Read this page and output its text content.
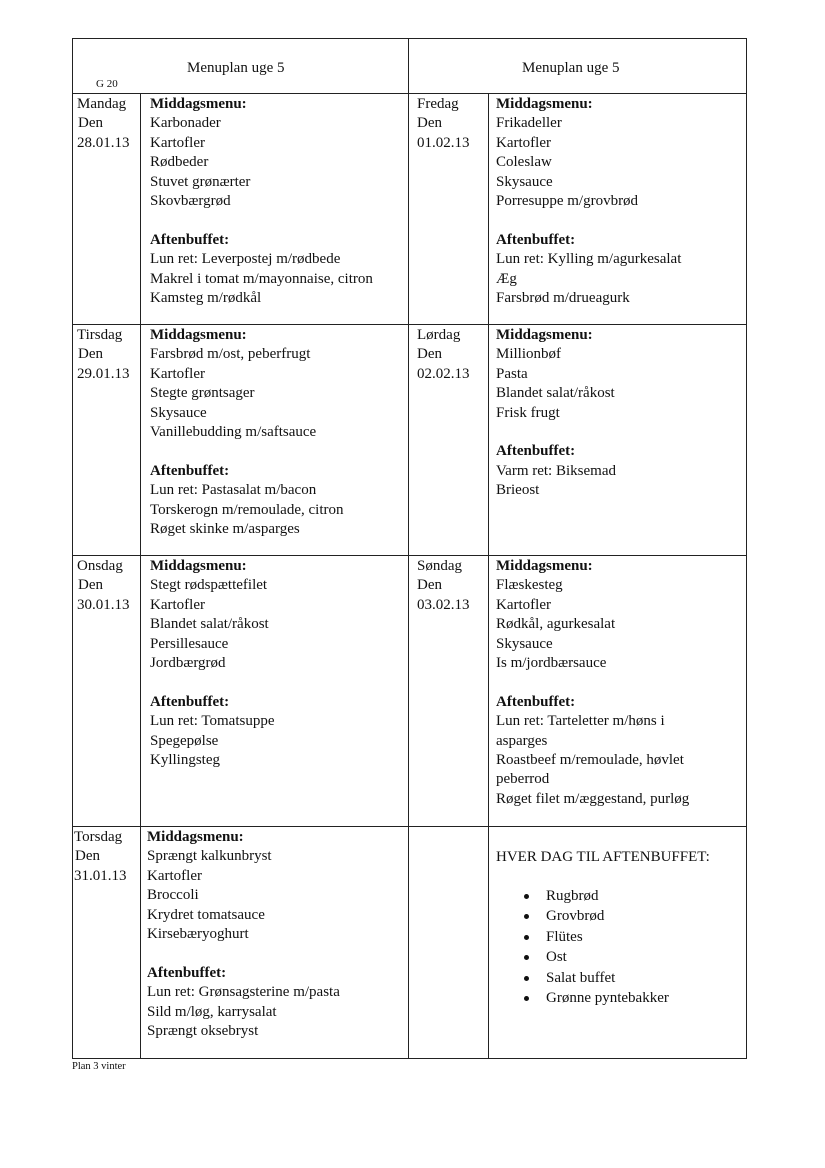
Menuplan uge 5	Menuplan uge 5
G 20
Mandag
Den
28.01.13
Middagsmenu:
Karbonader
Kartofler
Rødbeder
Stuvet grønærter
Skovbærgrød
Aftenbuffet:
Lun ret: Leverpostej m/rødbede
Makrel i tomat m/mayonnaise, citron
Kamsteg m/rødkål
Tirsdag
Den
29.01.13
Middagsmenu:
Farsbrød m/ost, peberfrugt
Kartofler
Stegte grøntsager
Skysauce
Vanillebudding m/saftsauce
Aftenbuffet:
Lun ret: Pastasalat m/bacon
Torskerogn m/remoulade, citron
Røget skinke m/asparges
Onsdag
Den
30.01.13
Middagsmenu:
Stegt rødspættefilet
Kartofler
Blandet salat/råkost
Persillesauce
Jordbærgrød
Aftenbuffet:
Lun ret: Tomatsuppe
Spegepølse
Kyllingsteg
Torsdag
Den
31.01.13
Middagsmenu:
Sprængt kalkunbryst
Kartofler
Broccoli
Krydret tomatsauce
Kirsebæryoghurt
Aftenbuffet:
Lun ret: Grønsagsterine m/pasta
Sild m/løg, karrysalat
Sprængt oksebryst
Fredag
Den
01.02.13
Middagsmenu:
Frikadeller
Kartofler
Coleslaw
Skysauce
Porresuppe m/grovbrød
Aftenbuffet:
Lun ret: Kylling m/agurkesalat
Æg
Farsbrød m/drueagurk
Lørdag
Den
02.02.13
Middagsmenu:
Millionbøf
Pasta
Blandet salat/råkost
Frisk frugt
Aftenbuffet:
Varm ret: Biksemad
Brieost
Søndag
Den
03.02.13
Middagsmenu:
Flæskesteg
Kartofler
Rødkål, agurkesalat
Skysauce
Is m/jordbærsauce
Aftenbuffet:
Lun ret: Tarteletter m/høns i
asparges
Roastbeef m/remoulade, høvlet
peberrod
Røget filet m/æggestand, purløg
HVER DAG TIL AFTENBUFFET:
Rugbrød
Grovbrød
Flütes
Ost
Salat buffet
Grønne pyntebakker
Plan 3 vinter
